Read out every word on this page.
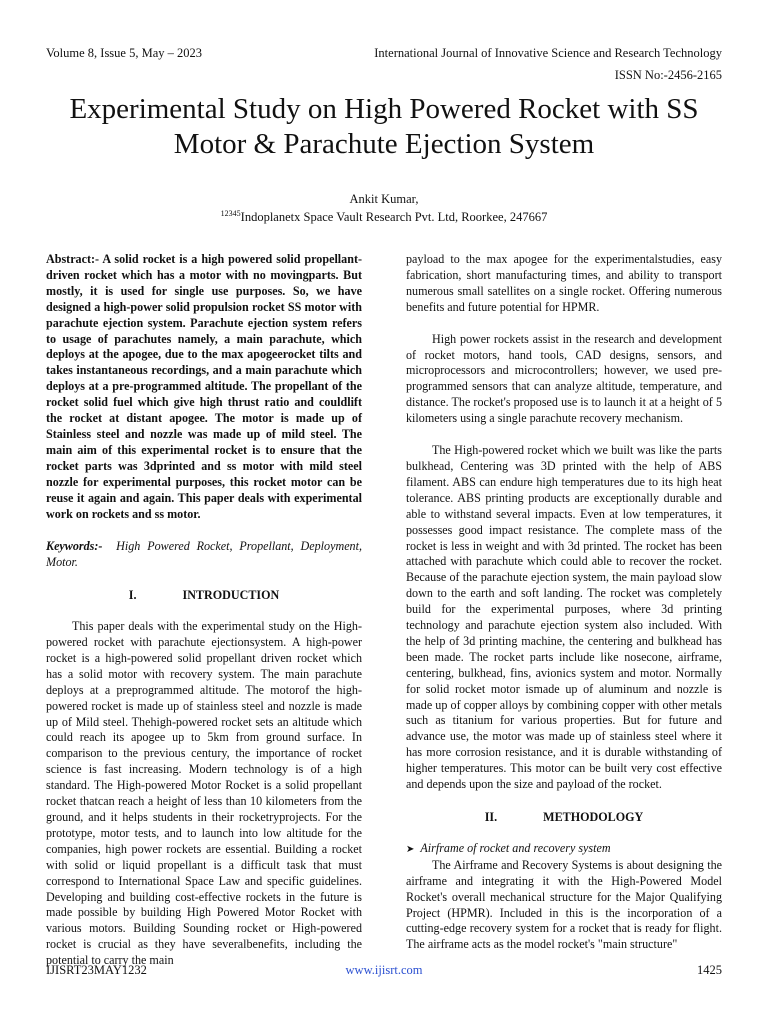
Volume 8, Issue 5, May – 2023	International Journal of Innovative Science and Research Technology
ISSN No:-2456-2165
Experimental Study on High Powered Rocket with SS Motor & Parachute Ejection System
Ankit Kumar,
$^{12345}$Indoplanetx Space Vault Research Pvt. Ltd, Roorkee, 247667

Abstract:- A solid rocket is a high powered solid propellant-driven rocket which has a motor with no movingparts. But mostly, it is used for single use purposes. So, we have designed a high-power solid propulsion rocket SS motor with parachute ejection system. Parachute ejection system refers to usage of parachutes namely, a main parachute, which deploys at the apogee, due to the max apogeerocket tilts and takes instantaneous recordings, and a main parachute which deploys at a pre-programmed altitude. The propellant of the rocket solid fuel which give high thrust ratio and couldlift the rocket at distant apogee. The motor is made up of Stainless steel and nozzle was made up of mild steel. The main aim of this experimental rocket is to ensure that the rocket parts was 3dprinted and ss motor with mild steel nozzle for experimental purposes, this rocket motor can be reuse it again and again. This paper deals with experimental work on rockets and ss motor.

Keywords:- High Powered Rocket, Propellant, Deployment, Motor.

I.	INTRODUCTION

This paper deals with the experimental study on the High-powered rocket with parachute ejectionsystem. A high-power rocket is a high-powered solid propellant driven rocket which has a solid motor with recovery system. The main parachute deploys at a preprogrammed altitude. The motorof the high-powered rocket is made up of stainless steel and nozzle is made up of Mild steel. Thehigh-powered rocket sets an altitude which could reach its apogee up to 5km from ground surface. In comparison to the previous century, the importance of rocket science is fast increasing. Modern technology is of a high standard. The High-powered Motor Rocket is a solid propellant rocket thatcan reach a height of less than 10 kilometers from the ground, and it helps students in their rocketryprojects. For the prototype, motor tests, and to launch into low altitude for the companies, high power rockets are essential. Building a rocket with solid or liquid propellant is a difficult task that must correspond to International Space Law and specific guidelines. Developing and building cost-effective rockets in the future is made possible by building High Powered Motor Rocket with various motors. Building Sounding rocket or High-powered rocket is crucial as they have severalbenefits, including the potential to carry the main

payload to the max apogee for the experimentalstudies, easy fabrication, short manufacturing times, and ability to transport numerous small satellites on a single rocket. Offering numerous benefits and future potential for HPMR.

High power rockets assist in the research and development of rocket motors, hand tools, CAD designs, sensors, and microprocessors and microcontrollers; however, we used pre-programmed sensors that can analyze altitude, temperature, and distance. The rocket's proposed use is to launch it at a height of 5 kilometers using a single parachute recovery mechanism.

The High-powered rocket which we built was like the parts bulkhead, Centering was 3D printed with the help of ABS filament. ABS can endure high temperatures due to its high heat tolerance. ABS printing products are exceptionally durable and able to withstand several impacts. Even at low temperatures, it possesses good impact resistance. The complete mass of the rocket is less in weight and with 3d printed. The rocket has been attached with parachute which could able to recover the rocket. Because of the parachute ejection system, the main payload slow down to the earth and soft landing. The rocket was completely build for the experimental purposes, where 3d printing technology and parachute ejection system also included. With the help of 3d printing machine, the centering and bulkhead has been made. The rocket parts include like nosecone, airframe, centering, bulkhead, fins, avionics system and motor. Normally for solid rocket motor ismade up of aluminum and nozzle is made up of copper alloys by combining copper with other metals such as titanium for various properties. But for future and advance use, the motor was made up of stainless steel where it has more corrosion resistance, and it is durable withstanding of higher temperatures. This motor can be built very cost effective and depends upon the size and payload of the rocket.

II.	METHODOLOGY

➤ Airframe of rocket and recovery system

The Airframe and Recovery Systems is about designing the airframe and integrating it with the High-Powered Model Rocket's overall mechanical structure for the Major Qualifying Project (HPMR). Included in this is the incorporation of a cutting-edge recovery system for a rocket that is ready for flight. The airframe acts as the model rocket's "main structure"

IJISRT23MAY1232	www.ijisrt.com	1425
